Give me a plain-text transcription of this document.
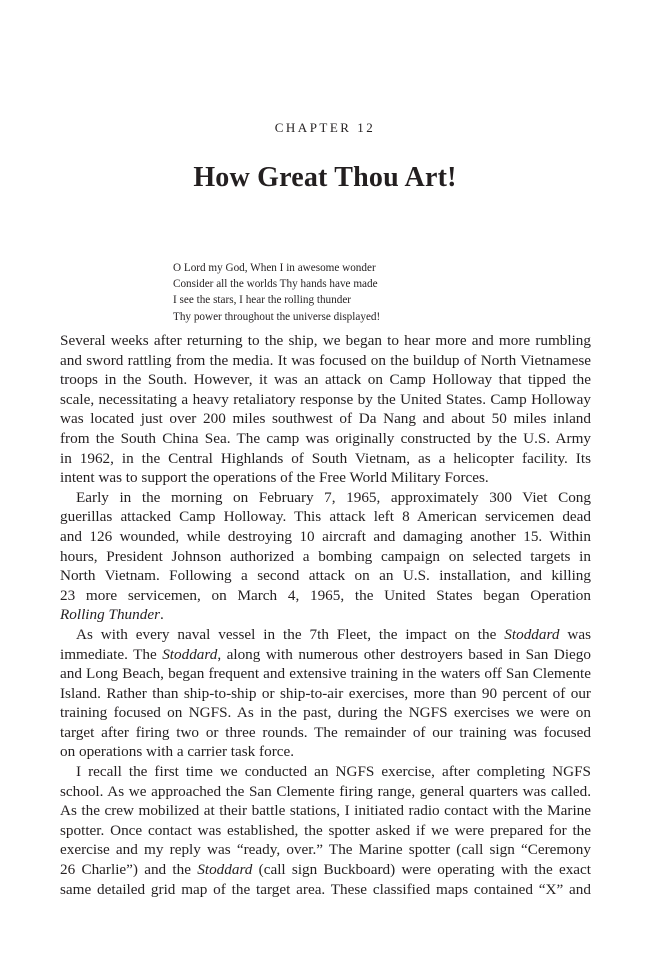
CHAPTER 12
How Great Thou Art!
O Lord my God, When I in awesome wonder
Consider all the worlds Thy hands have made
I see the stars, I hear the rolling thunder
Thy power throughout the universe displayed!
Several weeks after returning to the ship, we began to hear more and more rumbling
and sword rattling from the media. It was focused on the buildup of North Vietnamese
troops in the South. However, it was an attack on Camp Holloway that tipped the
scale, necessitating a heavy retaliatory response by the United States. Camp Holloway
was located just over 200 miles southwest of Da Nang and about 50 miles inland
from the South China Sea. The camp was originally constructed by the U.S. Army
in 1962, in the Central Highlands of South Vietnam, as a helicopter facility. Its
intent was to support the operations of the Free World Military Forces.
Early in the morning on February 7, 1965, approximately 300 Viet Cong
guerillas attacked Camp Holloway. This attack left 8 American servicemen dead
and 126 wounded, while destroying 10 aircraft and damaging another 15. Within
hours, President Johnson authorized a bombing campaign on selected targets in
North Vietnam. Following a second attack on an U.S. installation, and killing
23 more servicemen, on March 4, 1965, the United States began Operation
Rolling Thunder.
As with every naval vessel in the 7th Fleet, the impact on the Stoddard was
immediate. The Stoddard, along with numerous other destroyers based in San Diego
and Long Beach, began frequent and extensive training in the waters off San Clemente
Island. Rather than ship-to-ship or ship-to-air exercises, more than 90 percent of our
training focused on NGFS. As in the past, during the NGFS exercises we were on
target after firing two or three rounds. The remainder of our training was focused
on operations with a carrier task force.
I recall the first time we conducted an NGFS exercise, after completing NGFS
school. As we approached the San Clemente firing range, general quarters was called.
As the crew mobilized at their battle stations, I initiated radio contact with the Marine
spotter. Once contact was established, the spotter asked if we were prepared for the
exercise and my reply was “ready, over.” The Marine spotter (call sign “Ceremony
26 Charlie”) and the Stoddard (call sign Buckboard) were operating with the exact
same detailed grid map of the target area. These classified maps contained “X” and
